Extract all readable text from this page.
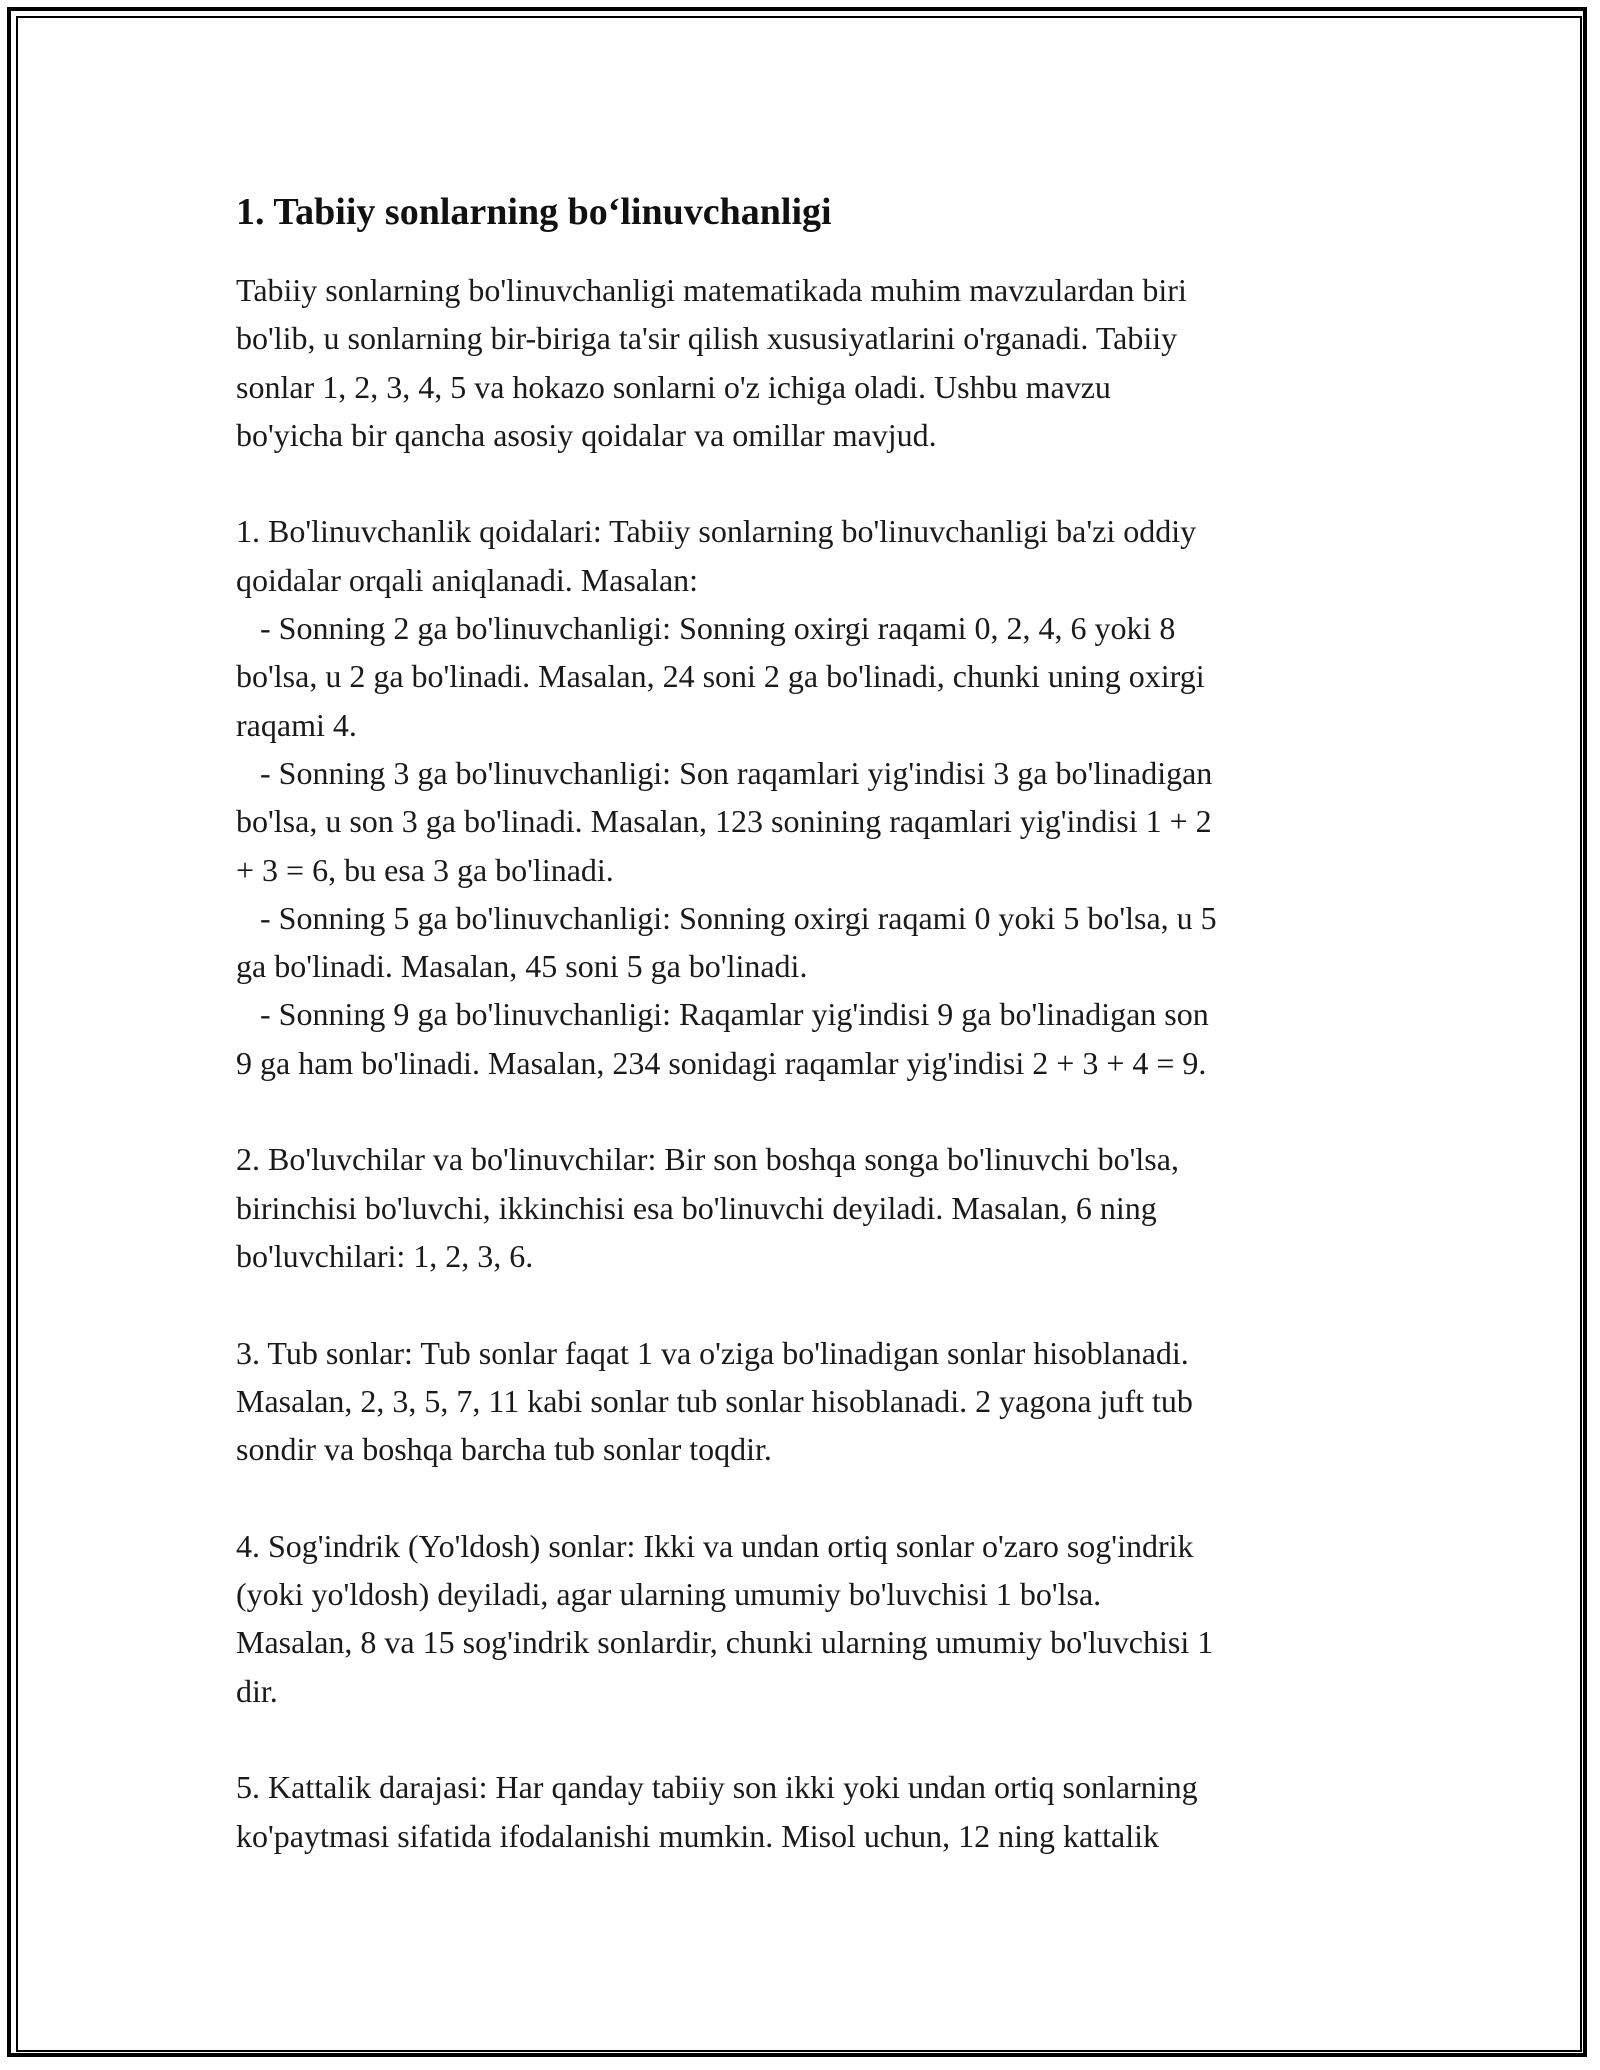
1. Tabiiy sonlarning bo‘linuvchanligi
Tabiiy sonlarning bo'linuvchanligi matematikada muhim mavzulardan biri
bo'lib, u sonlarning bir-biriga ta'sir qilish xususiyatlarini o'rganadi. Tabiiy
sonlar 1, 2, 3, 4, 5 va hokazo sonlarni o'z ichiga oladi. Ushbu mavzu
bo'yicha bir qancha asosiy qoidalar va omillar mavjud.
1. Bo'linuvchanlik qoidalari: Tabiiy sonlarning bo'linuvchanligi ba'zi oddiy
qoidalar orqali aniqlanadi. Masalan:
- Sonning 2 ga bo'linuvchanligi: Sonning oxirgi raqami 0, 2, 4, 6 yoki 8
bo'lsa, u 2 ga bo'linadi. Masalan, 24 soni 2 ga bo'linadi, chunki uning oxirgi
raqami 4.
- Sonning 3 ga bo'linuvchanligi: Son raqamlari yig'indisi 3 ga bo'linadigan
bo'lsa, u son 3 ga bo'linadi. Masalan, 123 sonining raqamlari yig'indisi 1 + 2
+ 3 = 6, bu esa 3 ga bo'linadi.
- Sonning 5 ga bo'linuvchanligi: Sonning oxirgi raqami 0 yoki 5 bo'lsa, u 5
ga bo'linadi. Masalan, 45 soni 5 ga bo'linadi.
- Sonning 9 ga bo'linuvchanligi: Raqamlar yig'indisi 9 ga bo'linadigan son
9 ga ham bo'linadi. Masalan, 234 sonidagi raqamlar yig'indisi 2 + 3 + 4 = 9.
2. Bo'luvchilar va bo'linuvchilar: Bir son boshqa songa bo'linuvchi bo'lsa,
birinchisi bo'luvchi, ikkinchisi esa bo'linuvchi deyiladi. Masalan, 6 ning
bo'luvchilari: 1, 2, 3, 6.
3. Tub sonlar: Tub sonlar faqat 1 va o'ziga bo'linadigan sonlar hisoblanadi.
Masalan, 2, 3, 5, 7, 11 kabi sonlar tub sonlar hisoblanadi. 2 yagona juft tub
sondir va boshqa barcha tub sonlar toqdir.
4. Sog'indrik (Yo'ldosh) sonlar: Ikki va undan ortiq sonlar o'zaro sog'indrik
(yoki yo'ldosh) deyiladi, agar ularning umumiy bo'luvchisi 1 bo'lsa.
Masalan, 8 va 15 sog'indrik sonlardir, chunki ularning umumiy bo'luvchisi 1
dir.
5. Kattalik darajasi: Har qanday tabiiy son ikki yoki undan ortiq sonlarning
ko'paytmasi sifatida ifodalanishi mumkin. Misol uchun, 12 ning kattalik
